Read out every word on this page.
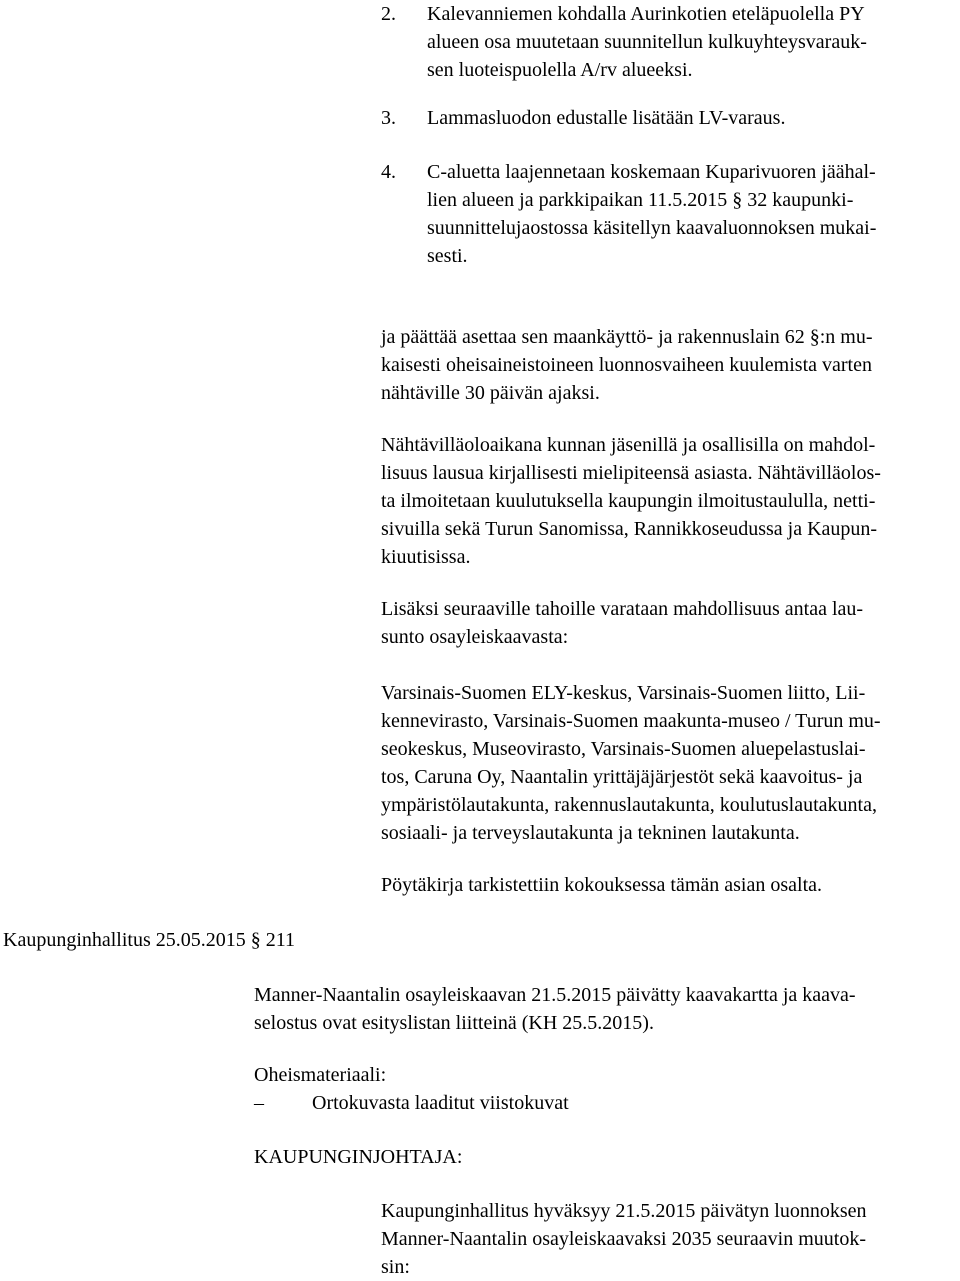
2. Kalevanniemen kohdalla Aurinkotien eteläpuolella PY
alueen osa muutetaan suunnitellun kulkuyhteysvarauk-
sen luoteispuolella A/rv alueeksi.
3. Lammasluodon edustalle lisätään LV-varaus.
4. C-aluetta laajennetaan koskemaan Kuparivuoren jäähal-
lien alueen ja parkkipaikan 11.5.2015 § 32 kaupunki-
suunnittelujaostossa käsitellyn kaavaluonnoksen mukai-
sesti.

ja päättää asettaa sen maankäyttö- ja rakennuslain 62 §:n mu-
kaisesti oheisaineistoineen luonnosvaiheen kuulemista varten
nähtäville 30 päivän ajaksi.

Nähtävilläoloaikana kunnan jäsenillä ja osallisilla on mahdol-
lisuus lausua kirjallisesti mielipiteensä asiasta. Nähtävilläolos-
ta ilmoitetaan kuulutuksella kaupungin ilmoitustaululla, netti-
sivuilla sekä Turun Sanomissa, Rannikkoseudussa ja Kaupun-
kiuutisissa.

Lisäksi seuraaville tahoille varataan mahdollisuus antaa lau-
sunto osayleiskaavasta:

Varsinais-Suomen ELY-keskus, Varsinais-Suomen liitto, Lii-
kennevirasto, Varsinais-Suomen maakunta-museo / Turun mu-
seokeskus, Museovirasto, Varsinais-Suomen aluepelastuslai-
tos, Caruna Oy, Naantalin yrittäjäjärjestöt sekä kaavoitus- ja
ympäristölautakunta, rakennuslautakunta, koulutuslautakunta,
sosiaali- ja terveyslautakunta ja tekninen lautakunta.

Pöytäkirja tarkistettiin kokouksessa tämän asian osalta.

Kaupunginhallitus 25.05.2015 § 211

Manner-Naantalin osayleiskaavan 21.5.2015 päivätty kaavakartta ja kaava-
selostus ovat esityslistan liitteinä (KH 25.5.2015).

Oheismateriaali:

– Ortokuvasta laaditut viistokuvat

KAUPUNGINJOHTAJA:

Kaupunginhallitus hyväksyy 21.5.2015 päivätyn luonnoksen
Manner-Naantalin osayleiskaavaksi 2035 seuraavin muutok-
sin:
